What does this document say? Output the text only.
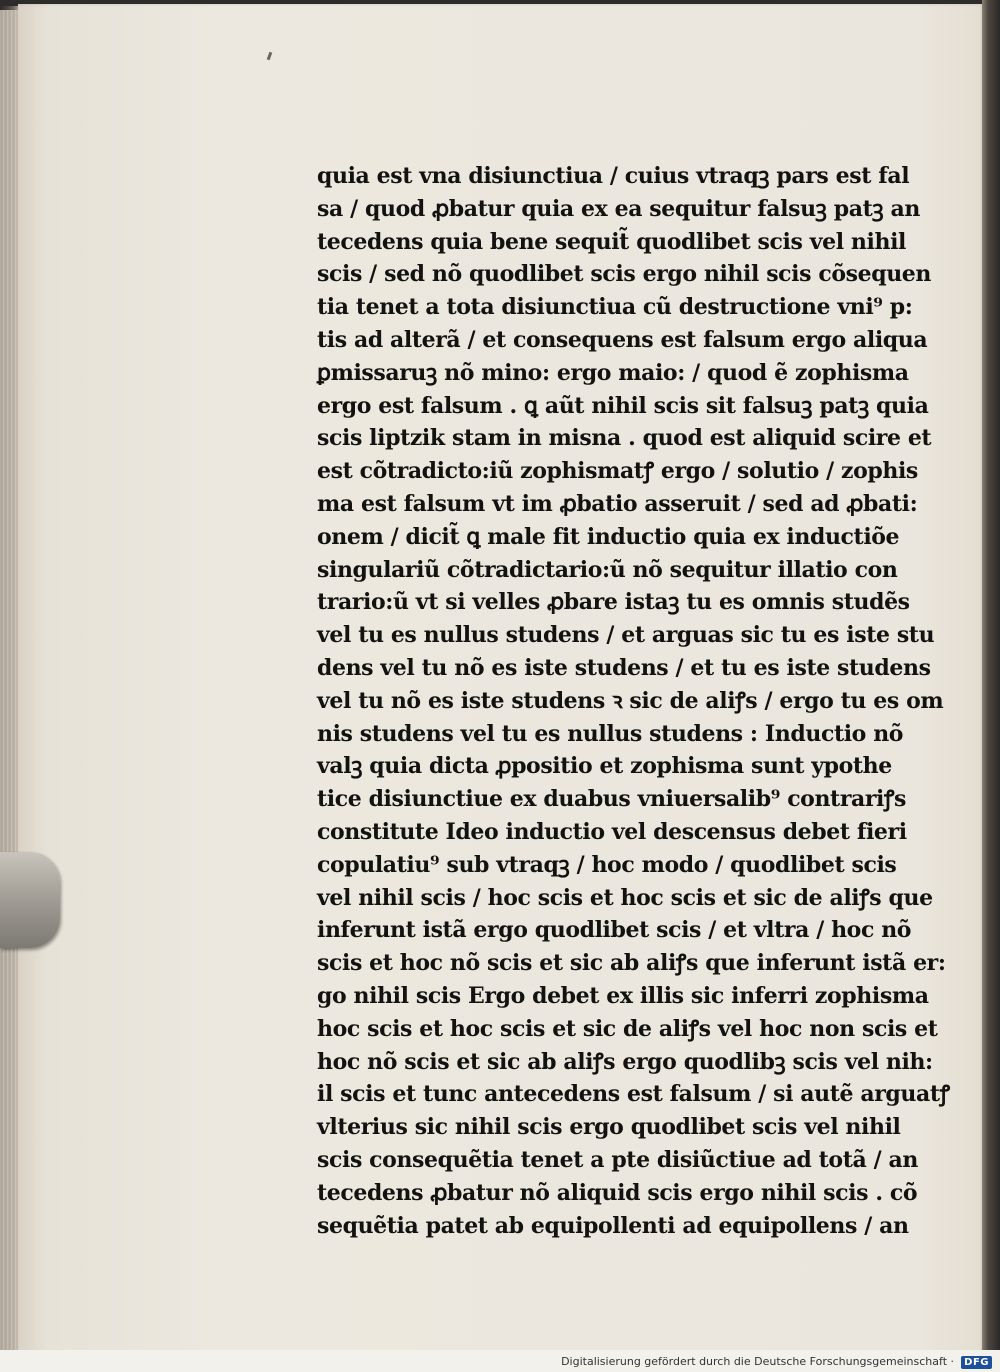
quia est vna disiunctiua / cuius vtraqꝫ pars est fal
sa / quod ꝓbatur quia ex ea sequitur falsuꝫ patꝫ an
tecedens quia bene sequit̃ quodlibet scis vel nihil
scis / sed nõ quodlibet scis ergo nihil scis cõsequen
tia tenet a tota disiunctiua cũ destructione vni⁹ p:
tis ad alterã / et consequens est falsum ergo aliqua
ꝑmissaruꝫ nõ mino: ergo maio: / quod ẽ zophisma
ergo est falsum . ꝗ aũt nihil scis sit falsuꝫ patꝫ quia
scis liptzik stam in misna . quod est aliquid scire et
est cõtradicto:iũ zophismatꝭ ergo / solutio / zophis
ma est falsum vt im ꝓbatio asseruit / sed ad ꝓbati:
onem / dicit̃ ꝗ male fit inductio quia ex inductiõe
singulariũ cõtradictario:ũ nõ sequitur illatio con
trario:ũ vt si velles ꝓbare istaꝫ tu es omnis studẽs
vel tu es nullus studens / et arguas sic tu es iste stu
dens vel tu nõ es iste studens / et tu es iste studens
vel tu nõ es iste studens ꝛ sic de aliꝭs / ergo tu es om
nis studens vel tu es nullus studens : Inductio nõ
valꝫ quia dicta ꝓpositio et zophisma sunt ypothe
tice disiunctiue ex duabus vniuersalib⁹ contrariꝭs
constitute Ideo inductio vel descensus debet fieri
copulatiu⁹ sub vtraqꝫ / hoc modo / quodlibet scis
vel nihil scis / hoc scis et hoc scis et sic de aliꝭs que
inferunt istã ergo quodlibet scis / et vltra / hoc nõ
scis et hoc nõ scis et sic ab aliꝭs que inferunt istã er:
go nihil scis Ergo debet ex illis sic inferri zophisma
hoc scis et hoc scis et sic de aliꝭs vel hoc non scis et
hoc nõ scis et sic ab aliꝭs ergo quodlibꝫ scis vel nih:
il scis et tunc antecedens est falsum / si autẽ arguatꝭ
vlterius sic nihil scis ergo quodlibet scis vel nihil
scis consequẽtia tenet a pte disiũctiue ad totã / an
tecedens ꝓbatur nõ aliquid scis ergo nihil scis . cõ
sequẽtia patet ab equipollenti ad equipollens / an
Digitalisierung gefördert durch die Deutsche Forschungsgemeinschaft ·	DFG
